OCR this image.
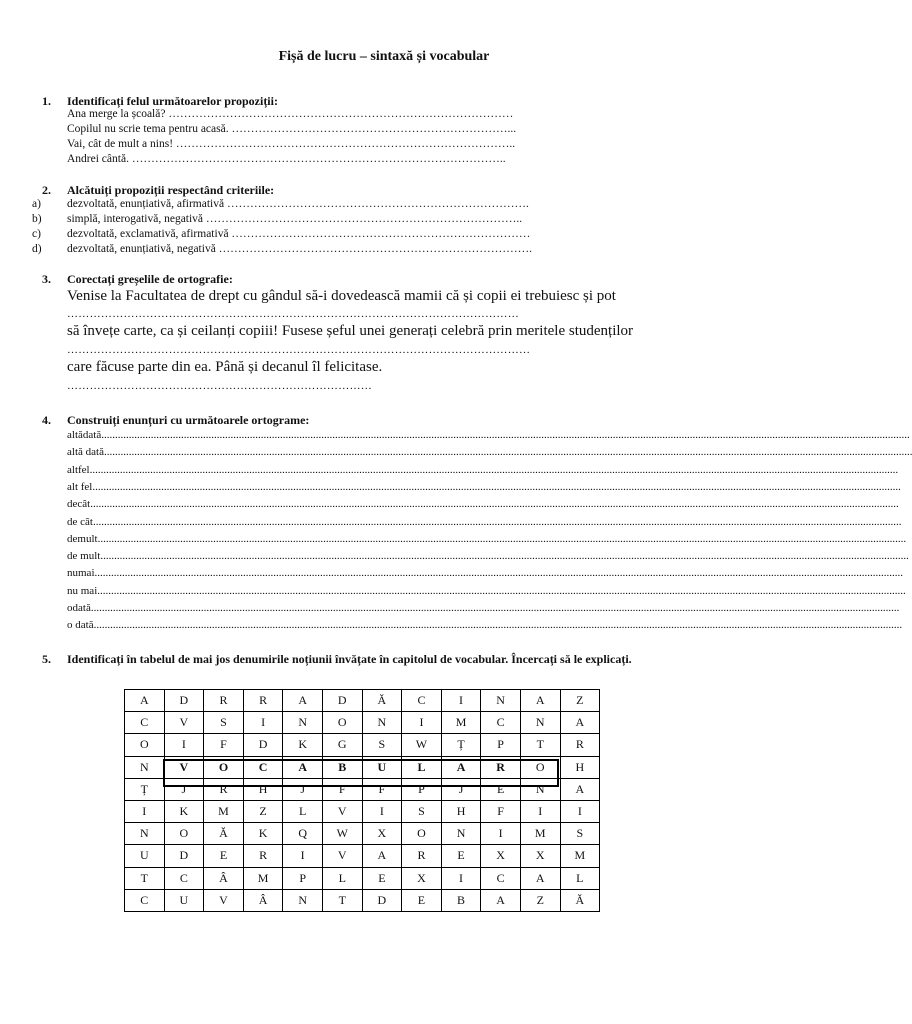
Fișă de lucru – sintaxă și vocabular
1. Identificați felul următoarelor propoziții:
Ana merge la școală? ………………………………………………………………………………
Copilul nu scrie tema pentru acasă. ………………………………………………………………...
Vai, cât de mult a nins! ……………………………………………………………………………..
Andrei cântă. ……………………………………………………………………………………..
2. Alcătuiți propoziții respectând criteriile:
a) dezvoltată, enunțiativă, afirmativă …………………………………………………………………….
b) simplă, interogativă, negativă ………………………………………………………………………..
c) dezvoltată, exclamativă, afirmativă ……………………………………………………………………
d) dezvoltată, enunțiativă, negativă ……………………………………………………………………….
3. Corectați greșelile de ortografie:
Venise la Facultatea de drept cu gândul să-i dovedească mamii că și copii ei trebuiesc și pot
…………………………………………………………………………………………………………
să învețe carte, ca și ceilanți copiii! Fusese șeful unei generați celebră prin meritele studenților
……………………………………………………………………………………………………………
care făcuse parte din ea. Până și decanul îl felicitase.
………………………………………………………………………
4. Construiți enunțuri cu următoarele ortograme:
altădată......................................................................................................................................................................................................................................................................................................
altă dată......................................................................................................................................................................................................................................................................................................
altfel......................................................................................................................................................................................................................................................................................................
alt fel......................................................................................................................................................................................................................................................................................................
decât......................................................................................................................................................................................................................................................................................................
de cât......................................................................................................................................................................................................................................................................................................
demult......................................................................................................................................................................................................................................................................................................
de mult......................................................................................................................................................................................................................................................................................................
numai......................................................................................................................................................................................................................................................................................................
nu mai......................................................................................................................................................................................................................................................................................................
odată......................................................................................................................................................................................................................................................................................................
o dată......................................................................................................................................................................................................................................................................................................
5. Identificați în tabelul de mai jos denumirile noțiunii învățate în capitolul de vocabular. Încercați să le explicați.
A	D	R	R	A	D	Ă	C	I	N	A	Z
C	V	S	I	N	O	N	I	M	C	N	A
O	I	F	D	K	G	S	W	Ț	P	T	R
N	V	O	C	A	B	U	L	A	R	O	H
Ț	J	R	H	J	F	F	P	J	E	N	A
I	K	M	Z	L	V	I	S	H	F	I	I
N	O	Ă	K	Q	W	X	O	N	I	M	S
U	D	E	R	I	V	A	R	E	X	X	M
T	C	Â	M	P	L	E	X	I	C	A	L
C	U	V	Â	N	T	D	E	B	A	Z	Ă
